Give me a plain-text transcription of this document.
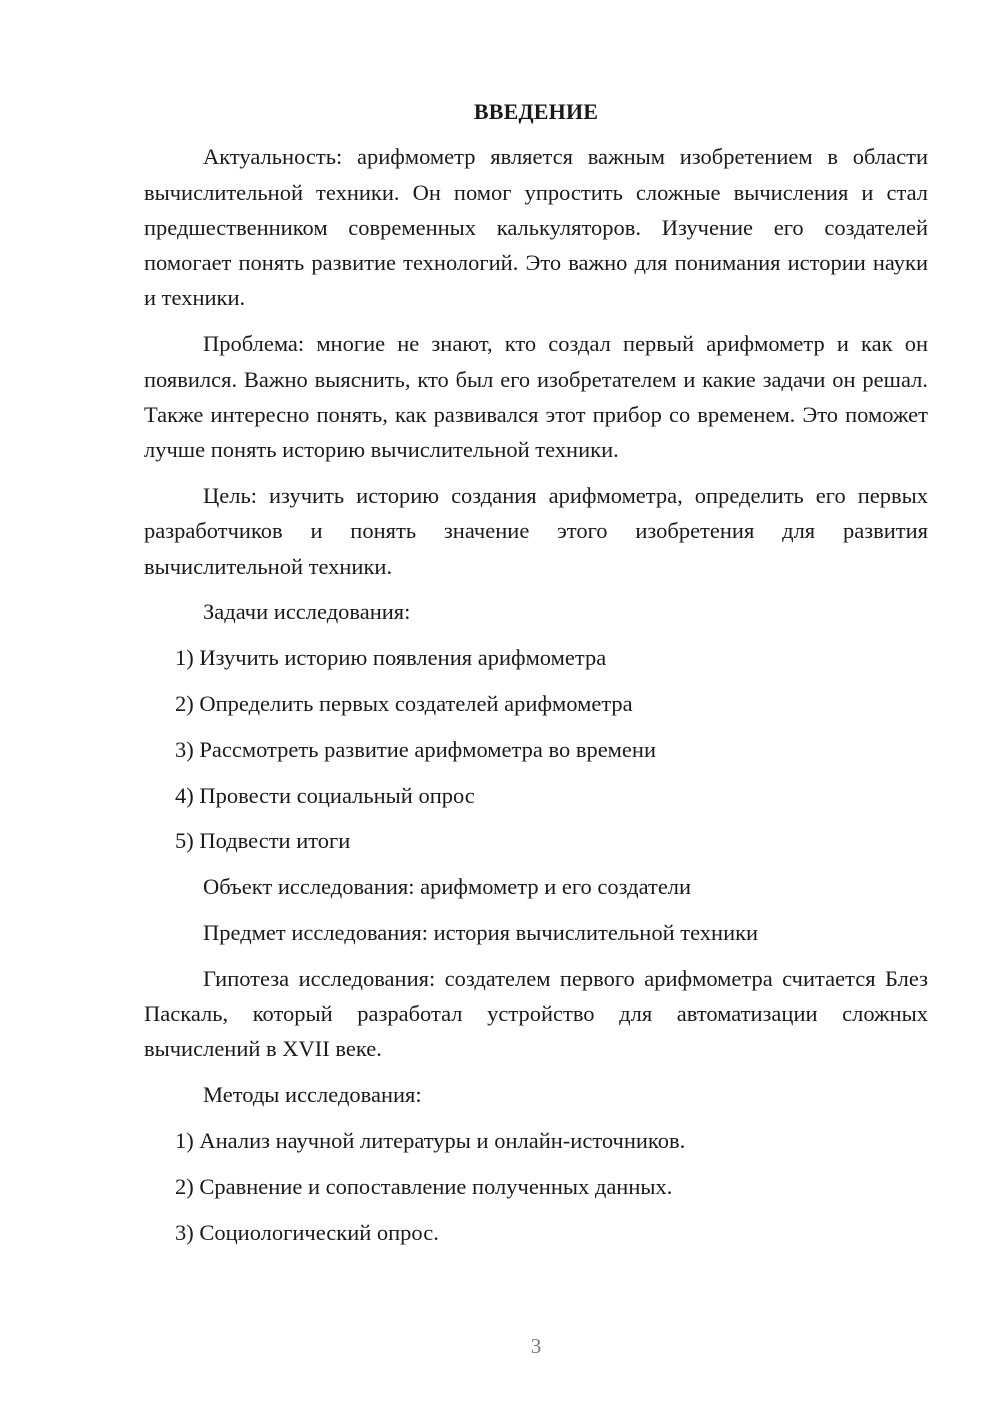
ВВЕДЕНИЕ

Актуальность: арифмометр является важным изобретением в области вычислительной техники. Он помог упростить сложные вычисления и стал предшественником современных калькуляторов. Изучение его создателей помогает понять развитие технологий. Это важно для понимания истории науки и техники.

Проблема: многие не знают, кто создал первый арифмометр и как он появился. Важно выяснить, кто был его изобретателем и какие задачи он решал. Также интересно понять, как развивался этот прибор со временем. Это поможет лучше понять историю вычислительной техники.

Цель: изучить историю создания арифмометра, определить его первых разработчиков и понять значение этого изобретения для развития вычислительной техники.

Задачи исследования:

1) Изучить историю появления арифмометра
2) Определить первых создателей арифмометра
3) Рассмотреть развитие арифмометра во времени
4) Провести социальный опрос
5) Подвести итоги

Объект исследования: арифмометр и его создатели

Предмет исследования: история вычислительной техники

Гипотеза исследования: создателем первого арифмометра считается Блез Паскаль, который разработал устройство для автоматизации сложных вычислений в XVII веке.

Методы исследования:

1) Анализ научной литературы и онлайн-источников.
2) Сравнение и сопоставление полученных данных.
3) Социологический опрос.
3
